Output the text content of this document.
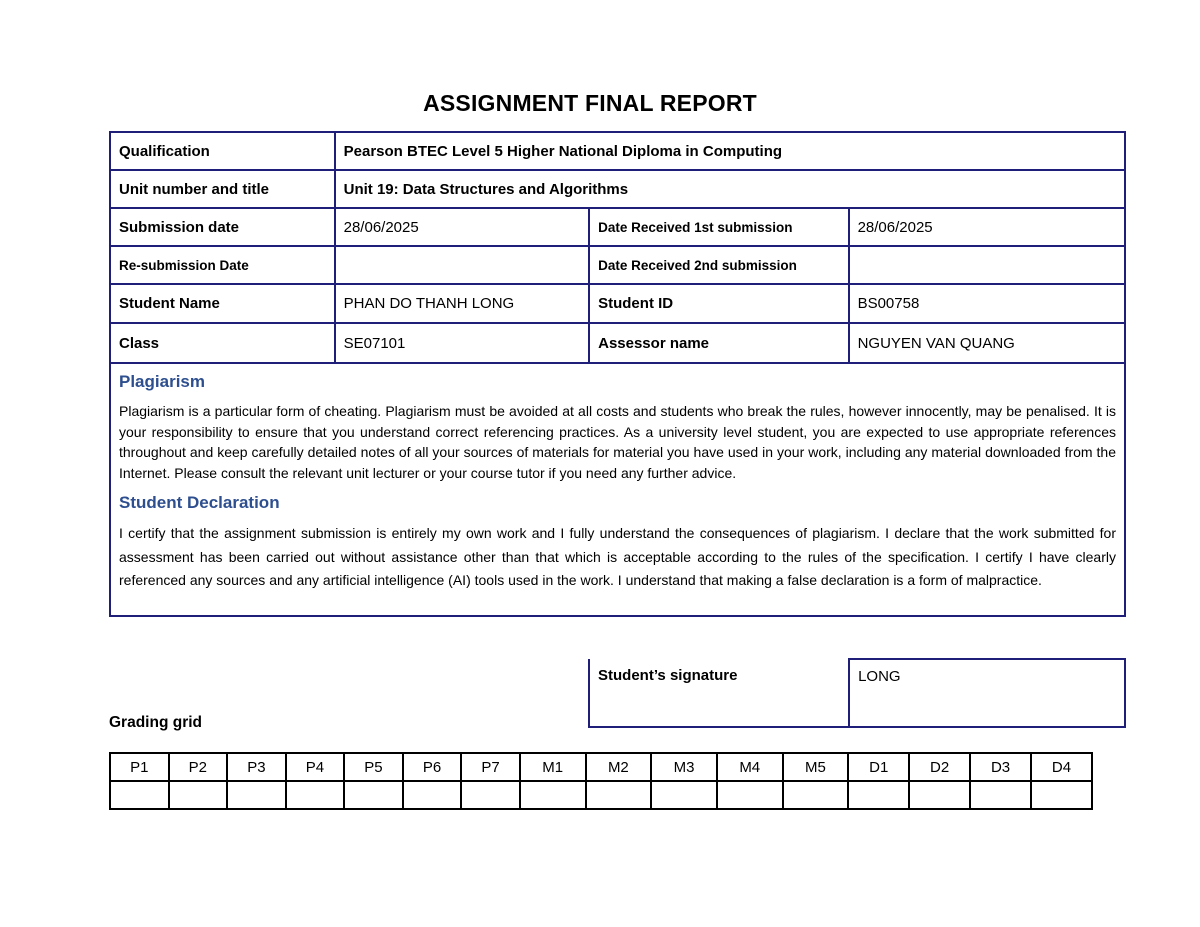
ASSIGNMENT FINAL REPORT
Qualification	Pearson BTEC Level 5 Higher National Diploma in Computing		
Unit number and title	Unit 19: Data Structures and Algorithms		
Submission date	28/06/2025	Date Received 1st submission	28/06/2025
Re-submission Date		Date Received 2nd submission	
Student Name	PHAN DO THANH LONG	Student ID	BS00758
Class	SE07101	Assessor name	NGUYEN VAN QUANG

Plagiarism

Plagiarism is a particular form of cheating. Plagiarism must be avoided at all costs and students who break the rules, however innocently, may be penalised. It is your responsibility to ensure that you understand correct referencing practices. As a university level student, you are expected to use appropriate references throughout and keep carefully detailed notes of all your sources of materials for material you have used in your work, including any material downloaded from the Internet. Please consult the relevant unit lecturer or your course tutor if you need any further advice.

Student Declaration

I certify that the assignment submission is entirely my own work and I fully understand the consequences of plagiarism. I declare that the work submitted for assessment has been carried out without assistance other than that which is acceptable according to the rules of the specification. I certify I have clearly referenced any sources and any artificial intelligence (AI) tools used in the work. I understand that making a false declaration is a form of malpractice.			

Student’s signature	LONG
Grading grid
P1	P2	P3	P4	P5	P6	P7	M1	M2	M3	M4	M5	D1	D2	D3	D4
